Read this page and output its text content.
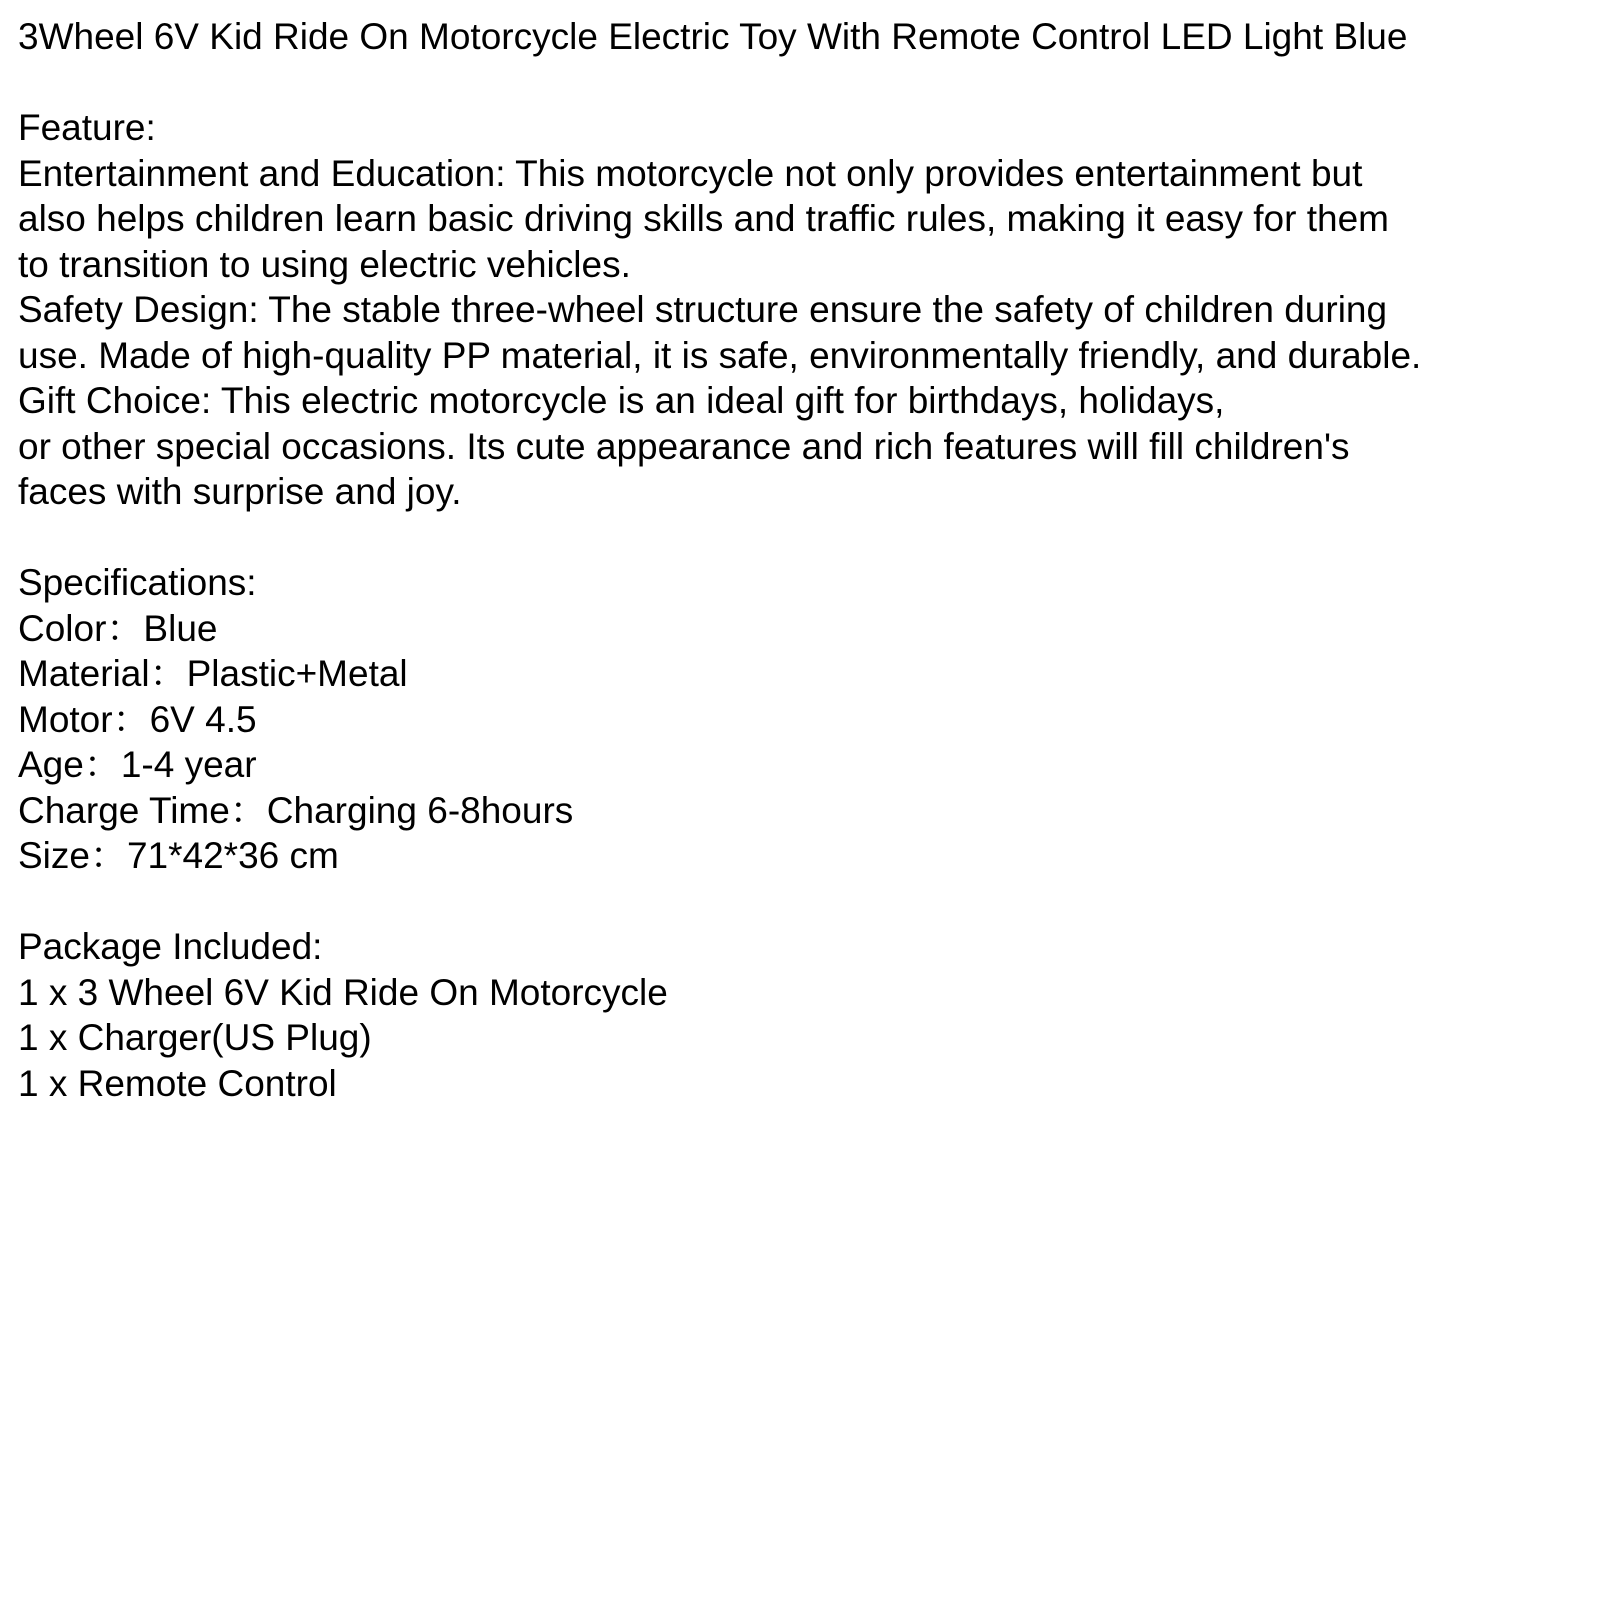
3Wheel 6V Kid Ride On Motorcycle Electric Toy With Remote Control LED Light Blue
Feature:
Entertainment and Education: This motorcycle not only provides entertainment but
also helps children learn basic driving skills and traffic rules, making it easy for them
to transition to using electric vehicles.
Safety Design: The stable three-wheel structure ensure the safety of children during
use. Made of high-quality PP material, it is safe, environmentally friendly, and durable.
Gift Choice: This electric motorcycle is an ideal gift for birthdays, holidays,
or other special occasions. Its cute appearance and rich features will fill children's
faces with surprise and joy.
Specifications:
Color：Blue
Material：Plastic+Metal
Motor：6V 4.5
Age：1-4 year
Charge Time：Charging 6-8hours
Size：71*42*36 cm
Package Included:
1 x 3 Wheel 6V Kid Ride On Motorcycle
1 x Charger(US Plug)
1 x Remote Control
